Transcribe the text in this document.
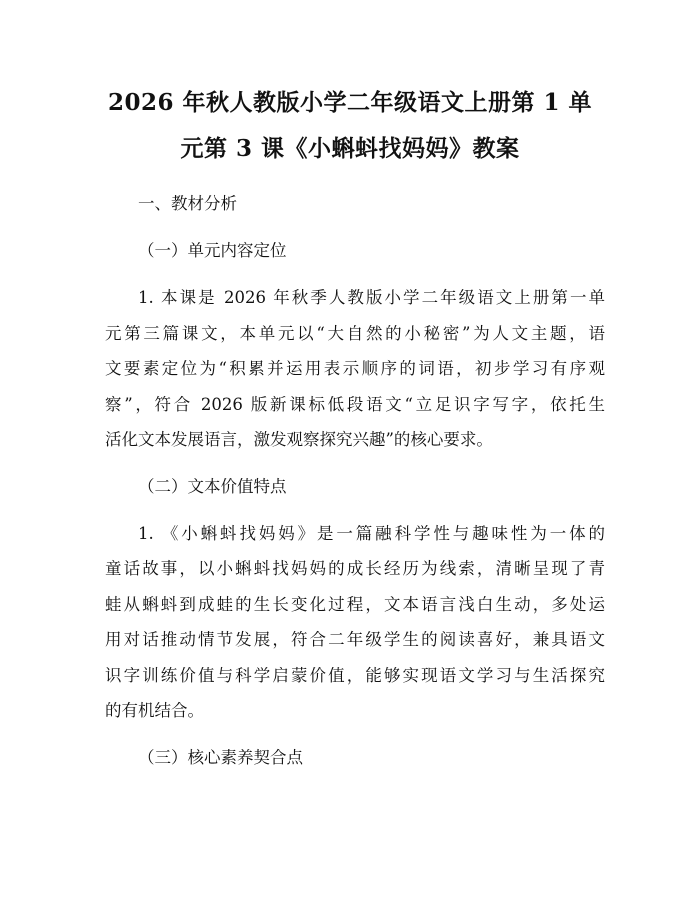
2026 年秋人教版小学二年级语文上册第 1 单
元第 3 课《小蝌蚪找妈妈》教案

一、教材分析

（一）单元内容定位

1. 本课是 2026 年秋季人教版小学二年级语文上册第一单

元第三篇课文，本单元以“大自然的小秘密”为人文主题，语

文要素定位为“积累并运用表示顺序的词语，初步学习有序观

察”，符合 2026 版新课标低段语文“立足识字写字，依托生

活化文本发展语言，激发观察探究兴趣”的核心要求。

（二）文本价值特点

1. 《小蝌蚪找妈妈》是一篇融科学性与趣味性为一体的

童话故事，以小蝌蚪找妈妈的成长经历为线索，清晰呈现了青

蛙从蝌蚪到成蛙的生长变化过程，文本语言浅白生动，多处运

用对话推动情节发展，符合二年级学生的阅读喜好，兼具语文

识字训练价值与科学启蒙价值，能够实现语文学习与生活探究

的有机结合。

（三）核心素养契合点
